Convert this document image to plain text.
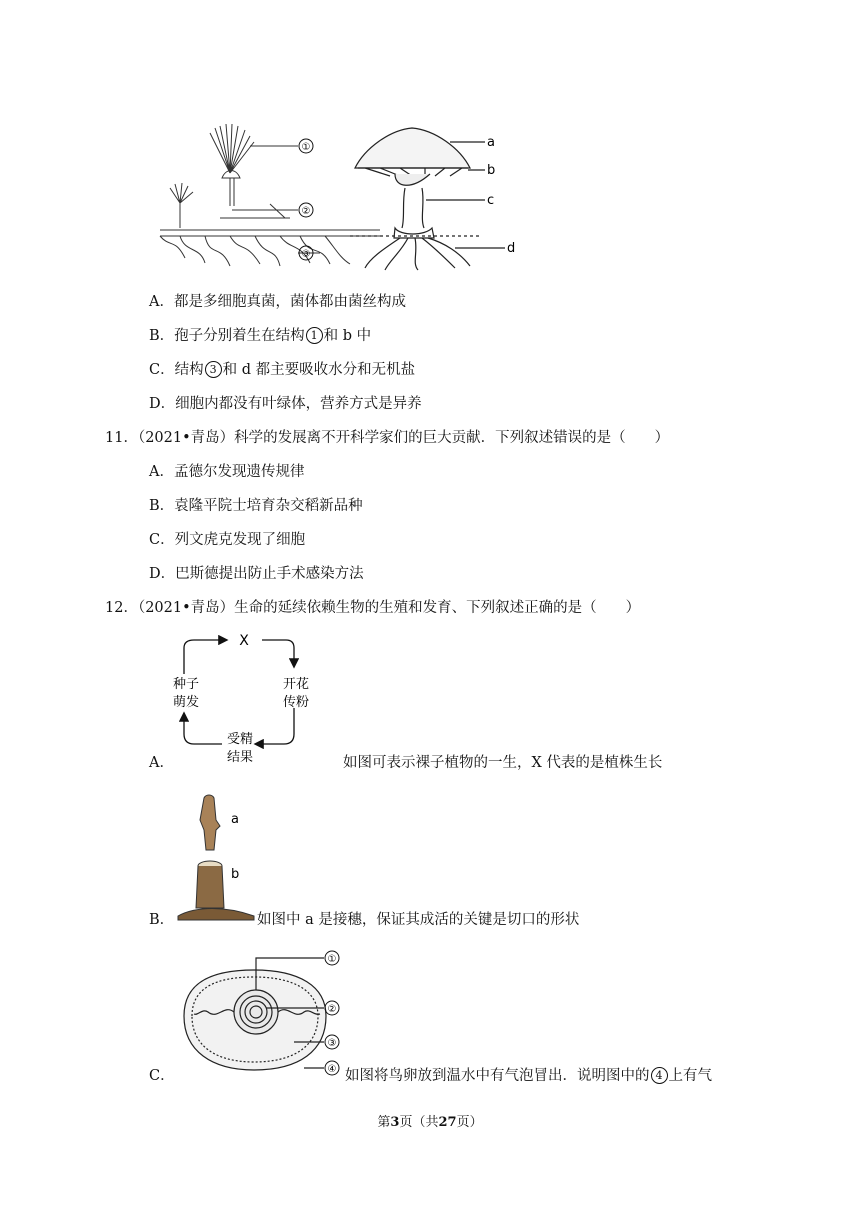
①
②
③
a
b
c
d
A．都是多细胞真菌，菌体都由菌丝构成
B．孢子分别着生在结构 1 和 b 中
C．结构 3 和 d 都主要吸收水分和无机盐
D．细胞内都没有叶绿体，营养方式是异养
11．（2021•青岛）科学的发展离不开科学家们的巨大贡献．下列叙述错误的是（　　）
A．孟德尔发现遗传规律
B．袁隆平院士培育杂交稻新品种
C．列文虎克发现了细胞
D．巴斯德提出防止手术感染方法
12．（2021•青岛）生命的延续依赖生物的生殖和发育、下列叙述正确的是（　　）
X
种子
萌发
开花
传粉
受精
结果
A．	如图可表示裸子植物的一生，X 代表的是植株生长
a
b
B．	如图中 a 是接穗，保证其成活的关键是切口的形状
①
②
③
④
C．	如图将鸟卵放到温水中有气泡冒出．说明图中的 4 上有气
第3页（共27页）
